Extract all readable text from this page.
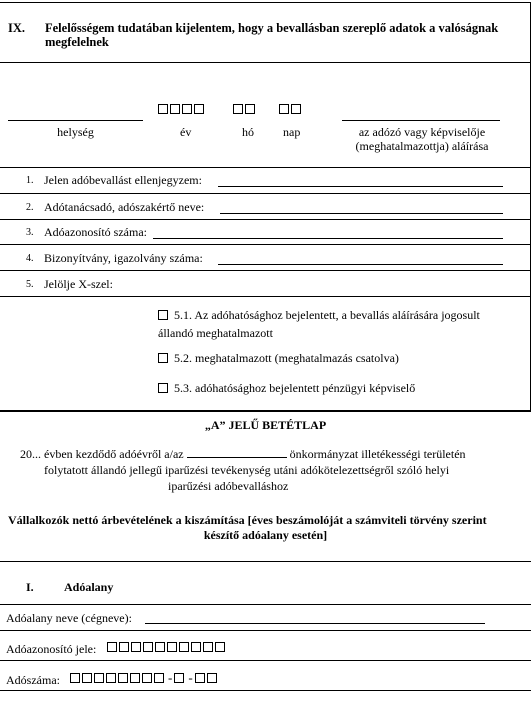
IX. Felelősségem tudatában kijelentem, hogy a bevallásban szereplő adatok a valóságnak
megfelelnek
helység	év	hó nap	az adózó vagy képviselője
(meghatalmazottja) aláírása
1. Jelen adóbevallást ellenjegyzem:
2. Adótanácsadó, adószakértő neve:
3. Adóazonosító száma:
4. Bizonyítvány, igazolvány száma:
5. Jelölje X-szel:
5.1. Az adóhatósághoz bejelentett, a bevallás aláírására jogosult
állandó meghatalmazott
5.2. meghatalmazott (meghatalmazás csatolva)
5.3. adóhatósághoz bejelentett pénzügyi képviselő
„A” JELŰ BETÉTLAP
20... évben kezdődő adóévről a/az	önkormányzat illetékességi területén
folytatott állandó jellegű iparűzési tevékenység utáni adókötelezettségről szóló helyi
iparűzési adóbevalláshoz
Vállalkozók nettó árbevételének a kiszámítása [éves beszámolóját a számviteli törvény szerint
készítő adóalany esetén]
I.	Adóalany
Adóalany neve (cégneve):
Adóazonosító jele:
Adószáma:	- -
